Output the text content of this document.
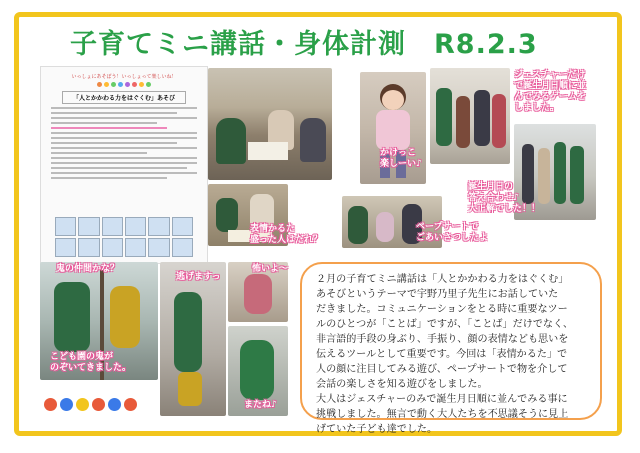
子育てミニ講話・身体計測　R8.2.3
いっしょにあそぼう！いっしょって楽しいね！
「人とかかわる力をはぐくむ」あそび
表情かるた
盛った人はだれ？
かけっこ
楽しーい♪
ジェスチャーだけ
で誕生月日順に並
んでみるゲームを
しました。
誕生月日の
答え合わせ♪
大正解でした！！
ペープサートで
ごあいさつしたよ
鬼の仲間かな？
逃げますっ
怖いよ～
こども園の鬼が
のぞいてきました。
またね♪

２月の子育てミニ講話は「人とかかわる力をはぐくむ」

あそびというテーマで宇野乃里子先生にお話していた

だきました。コミュニケーションをとる時に重要なツー

ルのひとつが「ことば」ですが、「ことば」だけでなく、

非言語的手段の身ぶり、手振り、顔の表情なども思いを

伝えるツールとして重要です。今回は「表情かるた」で

人の顔に注目してみる遊び、ペープサートで物を介して

会話の楽しさを知る遊びをしました。

大人はジェスチャーのみで誕生月日順に並んでみる事に

挑戦しました。無言で動く大人たちを不思議そうに見上

げていた子ども達でした。
